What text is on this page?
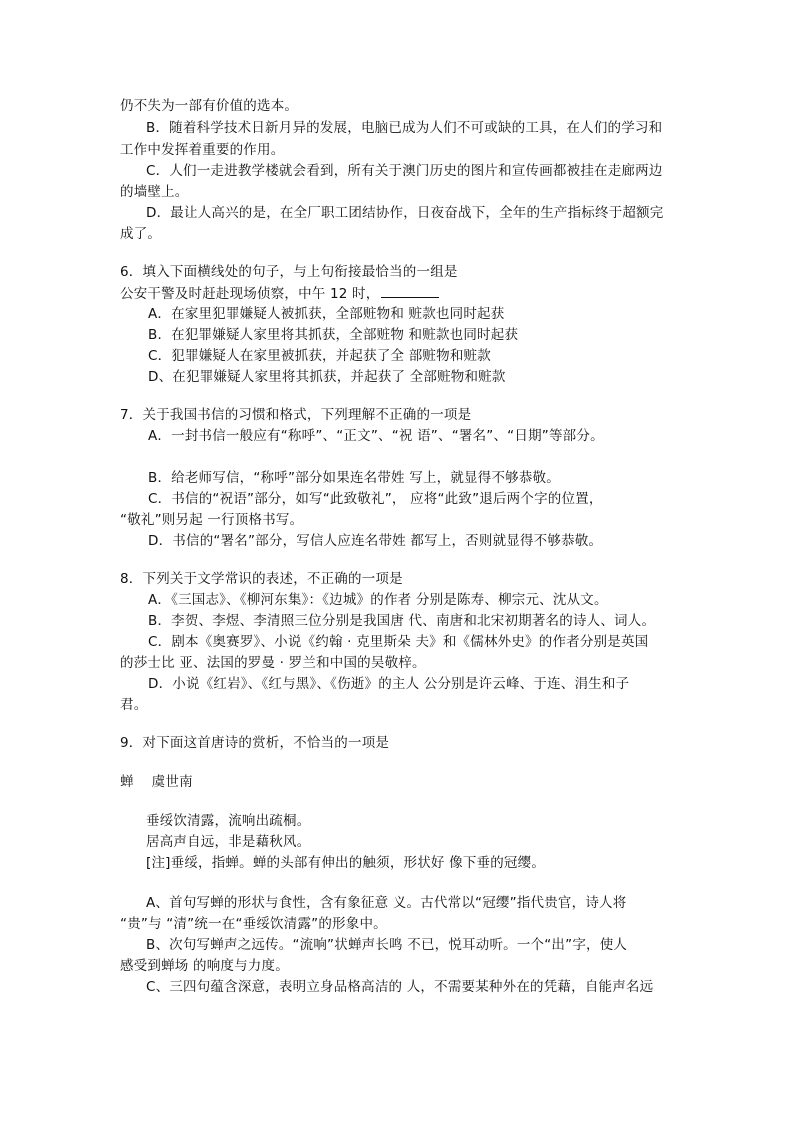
仍不失为一部有价值的选本。
B．随着科学技术日新月异的发展，电脑已成为人们不可或缺的工具，在人们的学习和
工作中发挥着重要的作用。
C．人们一走进教学楼就会看到，所有关于澳门历史的图片和宣传画都被挂在走廊两边
的墙壁上。
D．最让人高兴的是，在全厂职工团结协作，日夜奋战下，全年的生产指标终于超额完
成了。
6．填入下面横线处的句子，与上句衔接最恰当的一组是
公安干警及时赶赴现场侦察，中午 12 时，
A．在家里犯罪嫌疑人被抓获，全部赃物和 赃款也同时起获
B．在犯罪嫌疑人家里将其抓获，全部赃物 和赃款也同时起获
C．犯罪嫌疑人在家里被抓获，并起获了全 部赃物和赃款
D、在犯罪嫌疑人家里将其抓获，并起获了 全部赃物和赃款
7．关于我国书信的习惯和格式，下列理解不正确的一项是
A．一封书信一般应有“称呼”、“正文”、“祝 语”、“署名”、“日期”等部分。
B．给老师写信，“称呼”部分如果连名带姓 写上，就显得不够恭敬。
C．书信的“祝语”部分，如写“此致敬礼”， 应将“此致”退后两个字的位置，
“敬礼”则另起 一行顶格书写。
D．书信的“署名”部分，写信人应连名带姓 都写上，否则就显得不够恭敬。
8．下列关于文学常识的表述，不正确的一项是
A．《三国志》、《柳河东集》：《边城》的作者 分别是陈寿、柳宗元、沈从文。
B．李贺、李煜、李清照三位分别是我国唐 代、南唐和北宋初期著名的诗人、词人。
C．剧本《奥赛罗》、小说《约翰 · 克里斯朵 夫》和《儒林外史》的作者分别是英国
的莎士比 亚、法国的罗曼 · 罗兰和中国的吴敬梓。
D．小说《红岩》、《红与黑》、《伤逝》的主人 公分别是许云峰、于连、涓生和子
君。
9．对下面这首唐诗的赏析，不恰当的一项是
蝉    虞世南
垂绥饮清露，流响出疏桐。
居高声自远，非是藉秋风。
[注]垂绥，指蝉。蝉的头部有伸出的触须，形状好 像下垂的冠缨。
A、首句写蝉的形状与食性，含有象征意 义。古代常以“冠缨”指代贵官，诗人将
“贵”与 “清”统一在“垂绥饮清露”的形象中。
B、次句写蝉声之远传。“流响”状蝉声长鸣 不已，悦耳动听。一个“出”字，使人
感受到蝉场 的响度与力度。
C、三四句蕴含深意，表明立身品格高洁的 人，不需要某种外在的凭藉，自能声名远
